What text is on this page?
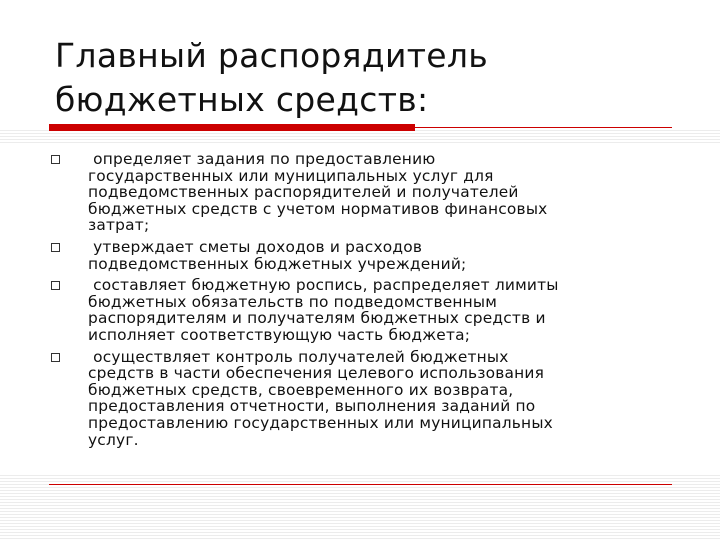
Главный распорядитель
бюджетных средств:
определяет задания по предоставлению
государственных или муниципальных услуг для
подведомственных распорядителей и получателей
бюджетных средств с учетом нормативов финансовых
затрат;
утверждает сметы доходов и расходов
подведомственных бюджетных учреждений;
составляет бюджетную роспись, распределяет лимиты
бюджетных обязательств по подведомственным
распорядителям и получателям бюджетных средств и
исполняет соответствующую часть бюджета;
осуществляет контроль получателей бюджетных
средств в части обеспечения целевого использования
бюджетных средств, своевременного их возврата,
предоставления отчетности, выполнения заданий по
предоставлению государственных или муниципальных
услуг.
